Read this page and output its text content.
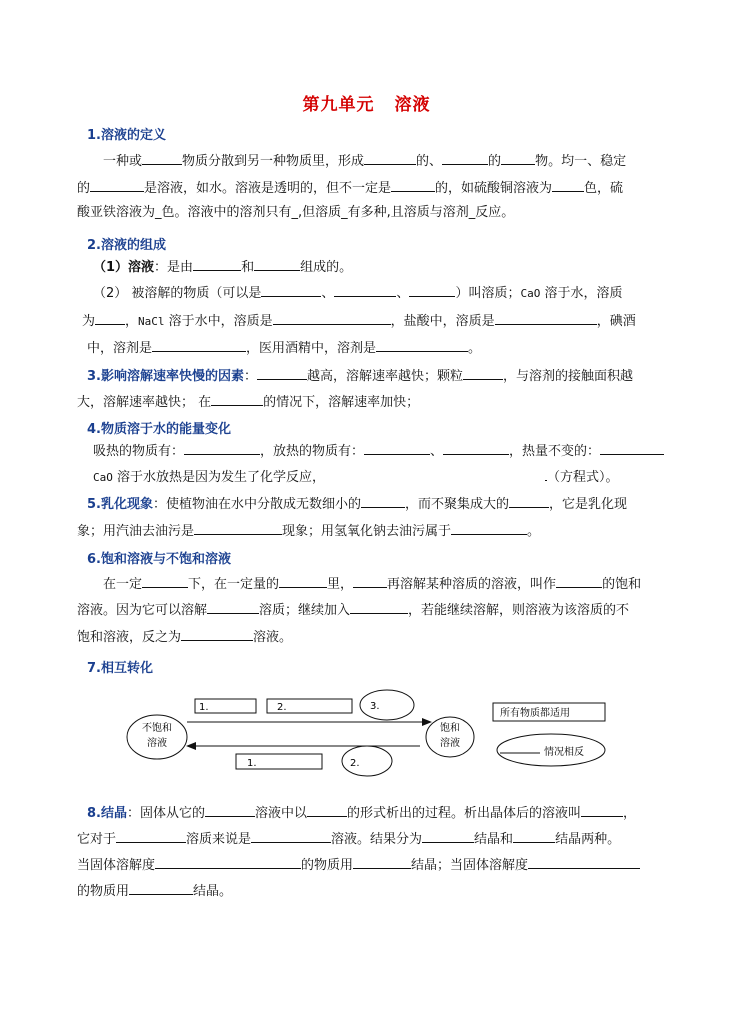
第九单元 溶液
1.溶液的定义
一种或	物质分散到另一种物质里，形成	的、	的	物。均一、稳定
的	是溶液，如水。溶液是透明的，但不一定是	的，如硫酸铜溶液为 色，硫
酸亚铁溶液为_色。溶液中的溶剂只有_,但溶质_有多种,且溶质与溶剂_反应。
2.溶液的组成
（1）溶液：是由	和	组成的。
（2） 被溶解的物质（可以是	、	、	）叫溶质；CaO 溶于水，溶质
为 ，NaCl 溶于水中，溶质是	，盐酸中，溶质是	，碘酒
中，溶剂是	，医用酒精中，溶剂是	。
3.影响溶解速率快慢的因素：	越高，溶解速率越快；颗粒	，与溶剂的接触面积越
大，溶解速率越快； 在	的情况下，溶解速率加快；
4.物质溶于水的能量变化
吸热的物质有：	，放热的物质有：	、	，热量不变的：
CaO 溶于水放热是因为发生了化学反应，	（方程式）。
5.乳化现象：使植物油在水中分散成无数细小的	，而不聚集成大的	，它是乳化现
象；用汽油去油污是	现象；用氢氧化钠去油污属于	。
6.饱和溶液与不饱和溶液
在一定	下，在一定量的	里，	再溶解某种溶质的溶液，叫作	的饱和
溶液。因为它可以溶解	溶质；继续加入	，若能继续溶解，则溶液为该溶质的不
饱和溶液，反之为	溶液。
7.相互转化
不饱和
溶液
饱和
溶液
1.	2.	3.
1.	2.
所有物质都适用
情况相反
8.结晶：固体从它的	溶液中以	的形式析出的过程。析出晶体后的溶液叫	，
它对于	溶质来说是	溶液。结果分为	结晶和	结晶两种。
当固体溶解度	的物质用	结晶；当固体溶解度
的物质用	结晶。
